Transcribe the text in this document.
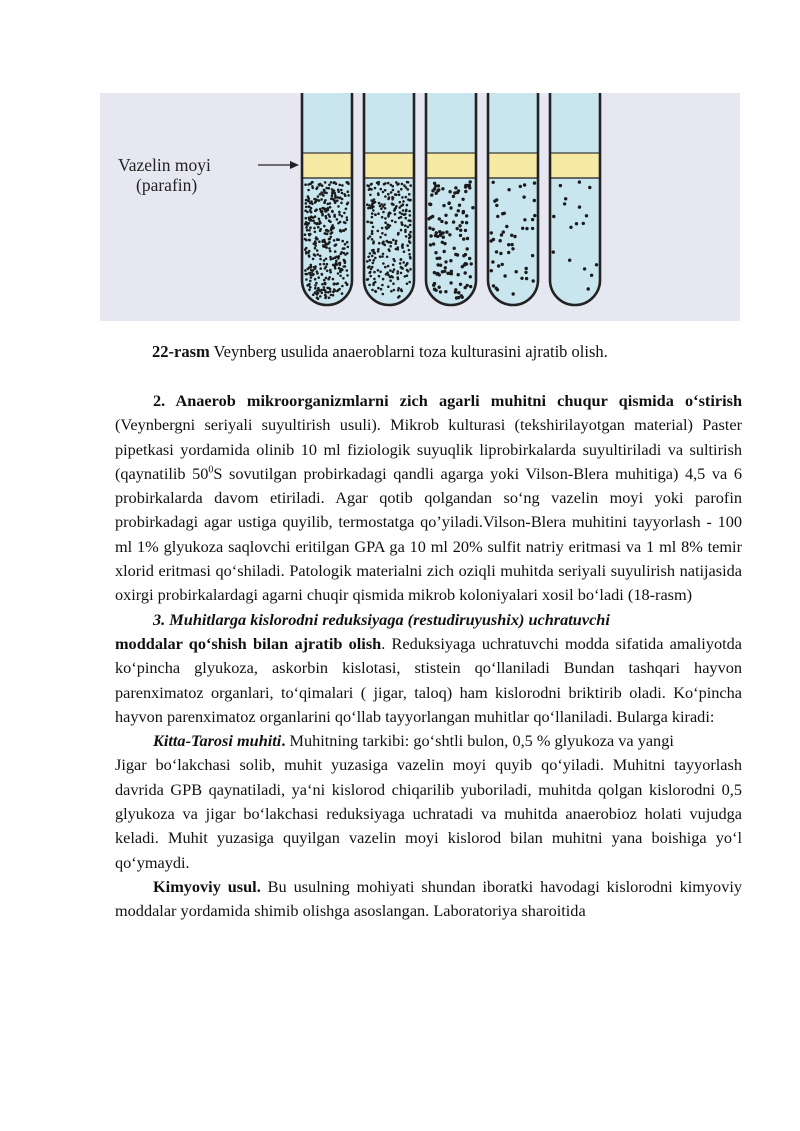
Vazelin moyi
(parafin)
22-rasm Veynberg usulida anaeroblarni toza kulturasini ajratib olish.

2. Anaerob mikroorganizmlarni zich agarli muhitni chuqur qismida o‘stirish (Veynbergni seriyali suyultirish usuli). Mikrob kulturasi (tekshirilayotgan material) Paster pipetkasi yordamida olinib 10 ml fiziologik suyuqlik liprobirkalarda suyultiriladi va sultirish (qaynatilib $50^0S$ sovutilgan probirkadagi qandli agarga yoki Vilson-Blera muhitiga) 4,5 va 6 probirkalarda davom etiriladi. Agar qotib qolgandan so‘ng vazelin moyi yoki parofin probirkadagi agar ustiga quyilib, termostatga qo’yiladi.Vilson-Blera muhitini tayyorlash - 100 ml 1% glyukoza saqlovchi eritilgan GPA ga 10 ml 20% sulfit natriy eritmasi va 1 ml 8% temir xlorid eritmasi qo‘shiladi. Patologik materialni zich oziqli muhitda seriyali suyulirish natijasida oxirgi probirkalardagi agarni chuqir qismida mikrob koloniyalari xosil bo‘ladi (18-rasm)

3. Muhitlarga kislorodni reduksiyaga (restudiruyushix) uchratuvchi

moddalar qo‘shish bilan ajratib olish. Reduksiyaga uchratuvchi modda sifatida amaliyotda ko‘pincha glyukoza, askorbin kislotasi, stistein qo‘llaniladi Bundan tashqari hayvon parenximatoz organlari, to‘qimalari ( jigar, taloq) ham kislorodni briktirib oladi. Ko‘pincha hayvon parenximatoz organlarini qo‘llab tayyorlangan muhitlar qo‘llaniladi. Bularga kiradi:

Kitta-Tarosi muhiti. Muhitning tarkibi: go‘shtli bulon, 0,5 % glyukoza va yangi

Jigar bo‘lakchasi solib, muhit yuzasiga vazelin moyi quyib qo‘yiladi. Muhitni tayyorlash davrida GPB qaynatiladi, ya‘ni kislorod chiqarilib yuboriladi, muhitda qolgan kislorodni 0,5 glyukoza va jigar bo‘lakchasi reduksiyaga uchratadi va muhitda anaerobioz holati vujudga keladi. Muhit yuzasiga quyilgan vazelin moyi kislorod bilan muhitni yana boishiga yo‘l qo‘ymaydi.

Kimyoviy usul. Bu usulning mohiyati shundan iboratki havodagi kislorodni kimyoviy moddalar yordamida shimib olishga asoslangan. Laboratoriya sharoitida
